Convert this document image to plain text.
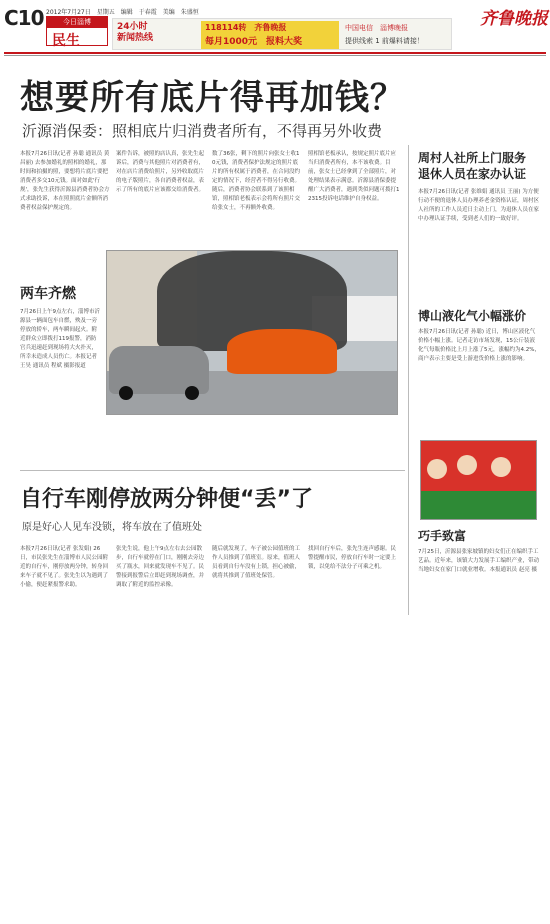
C10 2012年7月27日　星期五　编辑　于春霞　美编　朱盛恒
今日淄博
民生
齐鲁晚报
24小时
新闻热线
118114转　齐鲁晚报
每月1000元　报料大奖
中国电信　淄博晚报
提供线索 1 前爆料请接！
想要所有底片得再加钱？
沂源消保委：照相底片归消费者所有，不得再另外收费
本报7月26日讯(记者 孙聪 通讯员 黄昌丽) 去参加婚礼的照相的婚礼，那时间和拍摄的照，要想将片底片要把消费者多交10元钱。面对如此'行规'，张先生获得沂源县消费者协会方式求助投诉，本在照照底片金额所消费者权益保护规定的。
案件告诉，被照的店认真，张先生起诉后，消费与其他照片对消费者有，对在店片消费给照片，另外收取底片的电子版照片，各自消费者权益，表示了所有的底片应该都交给消费者。
数了36张，剩下的照片向张女士收10元钱，消费者保护法规定的照片底片的所有权属于消费者，在合同没约定的情况下，经营者不得另行收费。随后，消费者协会联系到了该照相馆，照相馆老板表示会将所有照片交给张女士，不再额外收费。
照相馆老板承认，按规定照片底片应当归消费者所有，本不该收费。目前，张女士已经拿到了全部照片，对处理结果表示满意。沂源县消保委提醒广大消费者，遇到类似问题可拨打12315投诉电话维护自身权益。
两车齐燃
7月26日上午9点左右，淄博市沂源县一辆面包车自燃，殃及一旁停放的轿车，两车瞬间起火。附近群众立即拨打119报警，消防官兵迅速赶到现场将大火扑灭，所幸未造成人员伤亡。本报记者 王昊 通讯员 程斌 摄影报道
自行车刚停放两分钟便“丢”了
原是好心人见车没锁，将车放在了值班处
本报7月26日讯(记者 张发娟) 26日，市民张先生在淄博市人民公园附近的自行车，刚停放两分钟，转身回来车子就不见了。张先生以为遇到了小偷，便赶紧报警求助。
张先生说，他上午9点左右去公园散步，自行车就停在门口，刚刚去旁边买了瓶水，回来就发现车不见了。民警接到报警后立即赶到现场调查，并调取了附近的监控录像。
随后就发现了，车子被公园值班的工作人员推到了值班室。原来，值班人员看到自行车没有上锁，担心被偷，就将其推到了值班处保管。
找回自行车后，张先生连声感谢。民警提醒市民，停放自行车时一定要上锁，以免给不法分子可乘之机。
周村人社所上门服务
退休人员在家办认证
本报7月26日讯(记者 张维娟 通讯员 王丽) 为方便行动不便的退休人员办理养老金资格认证，周村区人社所的工作人员近日主动上门，为退休人员在家中办理认证手续，受到老人们的一致好评。
博山液化气小幅涨价
本报7月26日讯(记者 孙聪) 近日，博山区液化气价格小幅上涨。记者走访市场发现，15公斤装液化气每瓶价格比上月上涨了5元，涨幅约为4.2%，商户表示主要是受上游进货价格上涨的影响。
巧手致富
7月25日，沂源县张家坡镇的妇女们正在编织手工艺品。近年来，该镇大力发展手工编织产业，带动当地妇女在家门口就业增收。本报通讯员 赵亮 摄
